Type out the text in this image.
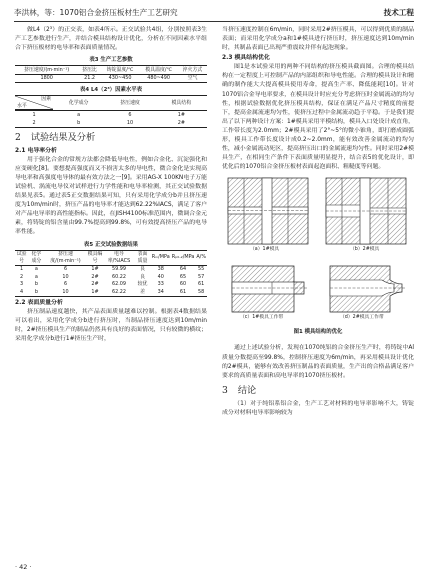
李洪林，等：1070铝合金挤压板材生产工艺研究	技术工程

做L4（2³）的正交表，如表4所示。正交试验共4组，分别按照表3生产工艺参数进行生产，并结合模具结构设计优化，分析在不同因素水平组合下挤压板材的电导率和表面质量情况。

表3 生产工艺参数
挤压速度/(m·min⁻¹)	挤压比	铸锭温度/℃	模具温度/℃	淬火方式
1800	21.2	430~450	480~490	空气
表4 L4（2³）因素水平表
因素
水平	化学成分	挤压速度	模具结构
1	a	6	1#
2	b	10	2#
2 试验结果及分析
2.1 电导率分析

用于强化合金的常规方法都会降低导电性，例如合金化、沉淀强化和应变硬化[8]。要想提高强度而又不损害太多的导电性，微合金化是实现高导电率和高强度电导体的最有效方法之一[9]。采用AG-X 100KN电子万能试验机、涡流电导仪对试样进行力学性能和电导率检测，其正交试验数据结果见表5。通过表5正交数据结果可知，只有采用化学成分b并且挤压速度为10m/min时，挤压产品的电导率才能达到62.22%IACS，满足了客户对产品电导率的高性能指标。因此，在JISH4100标准范围内，微调合金元素，将铸锭的铝含量由99.7%提高到99.8%，可有效提高挤压产品的电导率性能。

表5 正交试验数据结果
试验号	化学成分	挤压速度/(m·min⁻¹)	模具编号	电导率/%IACS	表面质量	Rₘ/MPa	Rₚ₀.₂/MPa	A/%
1	a	6	1#	59.99	良	38	64	55
2	a	10	2#	60.22	良	40	65	57
3	b	6	2#	62.09	较优	33	60	61
4	b	10	1#	62.22	差	34	61	58
2.2 表面质量分析

挤压制品速度越快，其产品表面质量越难以控制。根据表4数据结果可以看出，采用化学成分b进行挤压时，当制品挤压速度达到10m/min时，2#挤压模具生产的制品仍然具有良好的表面情况，只有较微的横纹；采用化学成分b进行1#挤压生产时，

当挤压速度控制在6m/min，同时采用2#挤压模具，可以得到优质的制品表面；而采用化学成分a和1#模具进行挤压时，挤压速度达到10m/min时，其制品表面已出现严重震纹并伴有起泡现象。

2.3 模具结构优化

图1是本试验采用的两种不同结构的挤压模具截面图。合理的模具结构在一定程度上可控制产品的内部组织和导电性能。合理的模具设计和精确的制作能大大提高模具使用寿命，提高生产率、降低能耗[10]。针对1070铝合金导电率要求，在模具设计时应充分考虑挤压时金属流动的均匀性，根据试验数据优化挤压模具结构，保证在满足产品尺寸精度的前提下，提高金属流速均匀性，使挤压过程中金属流动趋于平稳。于是我们提出了以下两种设计方案：1#模具采用平模结构，模具入口处设计成直角，工作带长度为2.0mm；2#模具采用了2°~5°的微小锥角，即打磨成圆弧形，模具工作带长度设计成0.2~2.0mm，能有效改善金属流动的均匀性，减小金属流动死区，提高挤压出口的金属流速均匀性。同时采用2#模具生产，在相同生产条件下表面质量明显提升，结合表5的优化设计，即优化后的1070铝合金挤压板材表面起泡面积、粗糙度等问题。

（a）1#模具	（b）2#模具
（c）1#模具工作带	（d）2#模具工作带
图1 模具结构的优化

通过上述试验分析，发现在1070纯铝的合金挤压生产时，将铸锭中Al质量分数提高至99.8%，控制挤压速度为6m/min，再采用模具设计优化的2#模具，能够有效改善挤压制品的表面质量，生产出的合格品满足客户要求的高质量表面和高电导率的1070挤压板材。

3 结论

（1）对于纯铝系铝合金，生产工艺对材料的电导率影响不大，铸锭成分对材料电导率影响较为

· 42 ·
